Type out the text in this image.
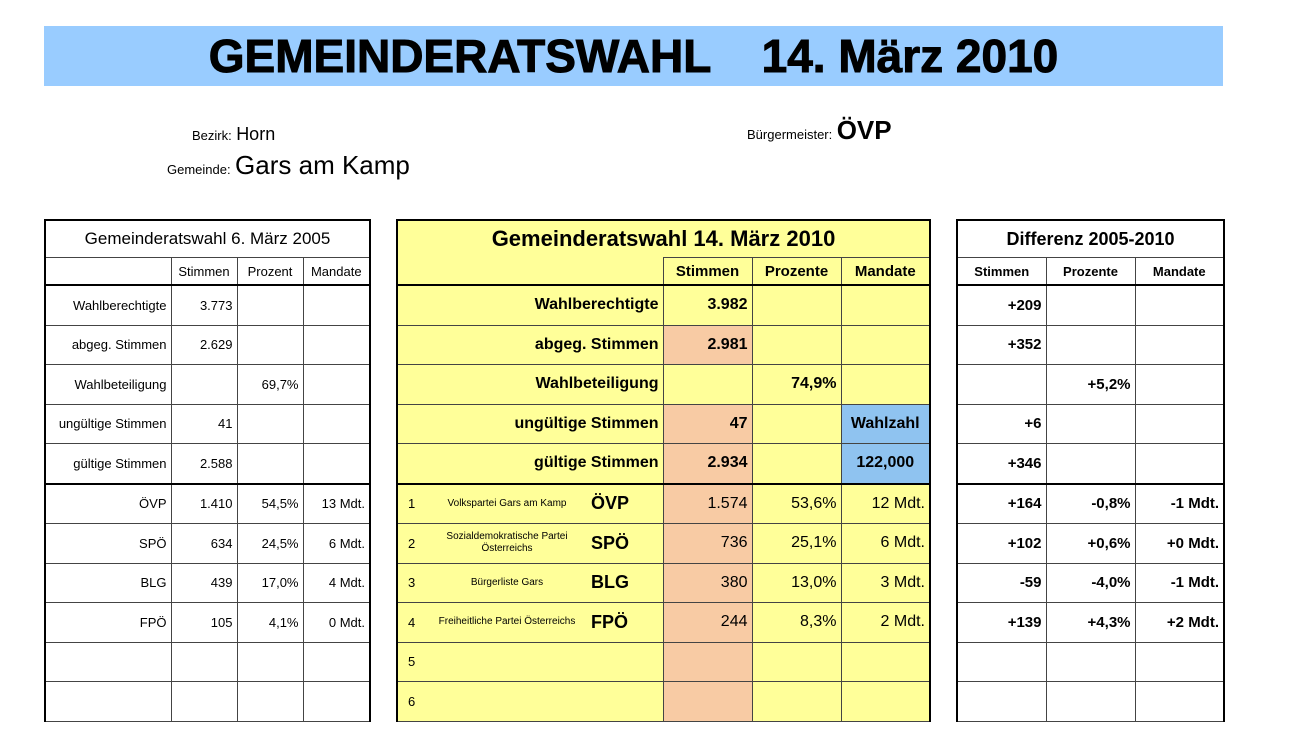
GEMEINDERATSWAHL    14. März 2010
Bezirk: Horn
Gemeinde: Gars am Kamp
Bürgermeister: ÖVP
Gemeinderatswahl 6. März 2005			
	Stimmen	Prozent	Mandate
Wahlberechtigte	3.773		
abgeg. Stimmen	2.629		
Wahlbeteiligung		69,7%	
ungültige Stimmen	41		
gültige Stimmen	2.588		
ÖVP	1.410	54,5%	13 Mdt.
SPÖ	634	24,5%	6 Mdt.
BLG	439	17,0%	4 Mdt.
FPÖ	105	4,1%	0 Mdt.

Gemeinderatswahl 14. März 2010					
			Stimmen	Prozente	Mandate
Wahlberechtigte			3.982		
abgeg. Stimmen			2.981		
Wahlbeteiligung				74,9%	
ungültige Stimmen			47		Wahlzahl
gültige Stimmen			2.934		122,000
1	Volkspartei Gars am Kamp	ÖVP	1.574	53,6%	12 Mdt.
2	Sozialdemokratische Partei Österreichs	SPÖ	736	25,1%	6 Mdt.
3	Bürgerliste Gars	BLG	380	13,0%	3 Mdt.
4	Freiheitliche Partei Österreichs	FPÖ	244	8,3%	2 Mdt.
5					
6					
Differenz 2005-2010		
Stimmen	Prozente	Mandate
+209		
+352		
	+5,2%	
+6		
+346		
+164	-0,8%	-1 Mdt.
+102	+0,6%	+0 Mdt.
-59	-4,0%	-1 Mdt.
+139	+4,3%	+2 Mdt.
